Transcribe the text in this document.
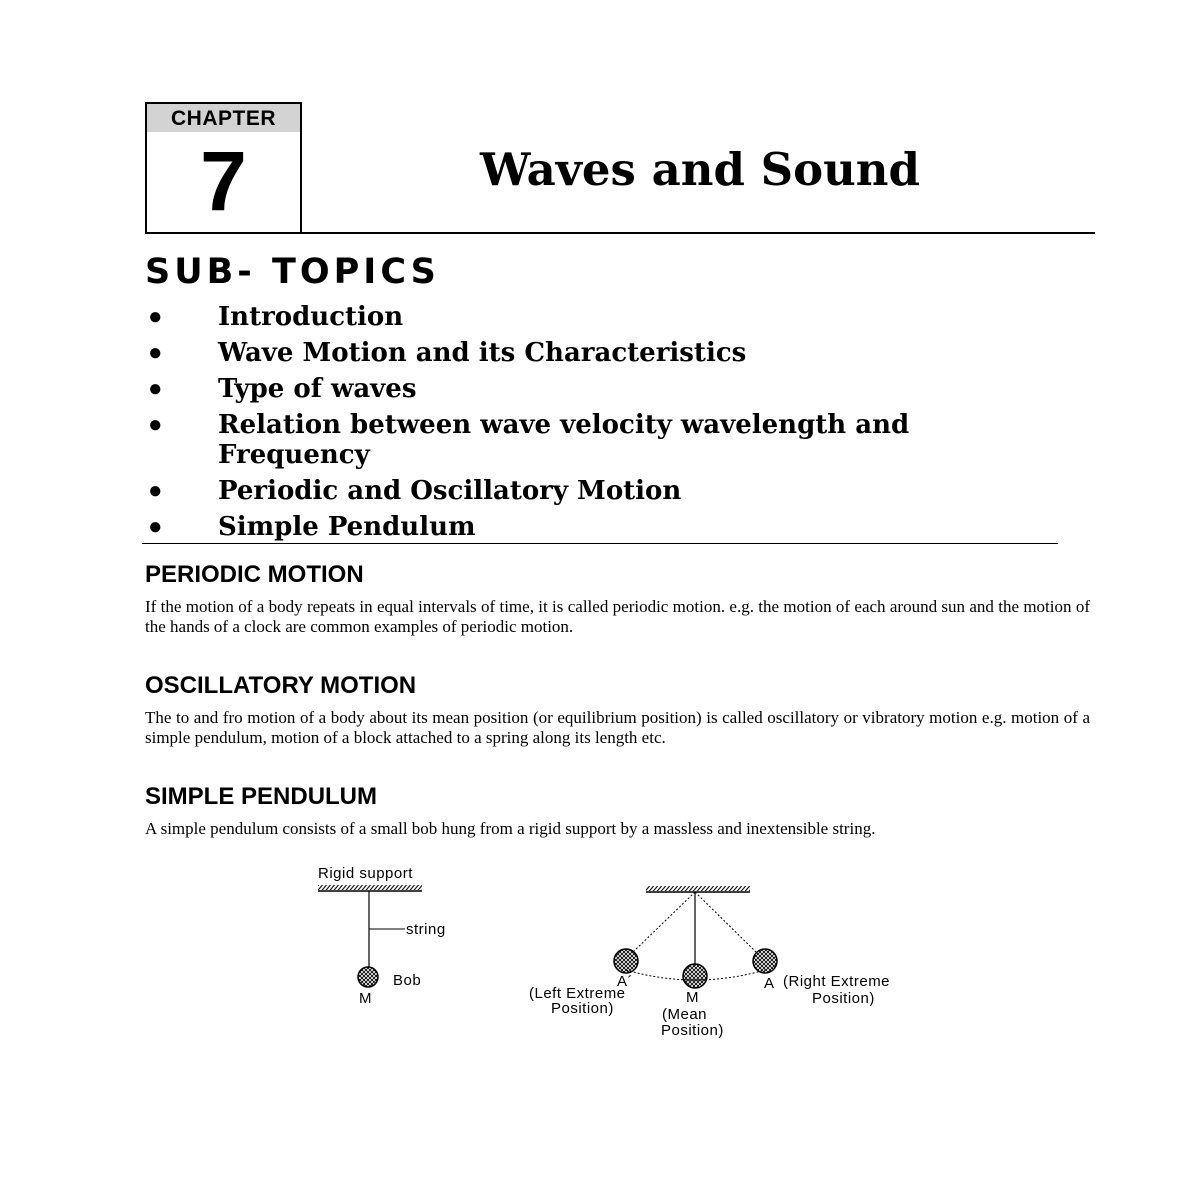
CHAPTER
7	Waves and Sound
SUB- TOPICS
● Introduction
● Wave Motion and its Characteristics
● Type of waves
● Relation between wave velocity wavelength and Frequency
● Periodic and Oscillatory Motion
● Simple Pendulum
PERIODIC MOTION

If the motion of a body repeats in equal intervals of time, it is called periodic motion. e.g. the motion of each around sun and the motion of the hands of a clock are common examples of periodic motion.

OSCILLATORY MOTION

The to and fro motion of a body about its mean position (or equilibrium position) is called oscillatory or vibratory motion e.g. motion of a simple pendulum, motion of a block attached to a spring along its length etc.

SIMPLE PENDULUM

A simple pendulum consists of a small bob hung from a rigid support by a massless and inextensible string.

Rigid support
string
Bob
M
A´
(Left Extreme
Position)
M
(Mean
Position)
A (Right Extreme
Position)
